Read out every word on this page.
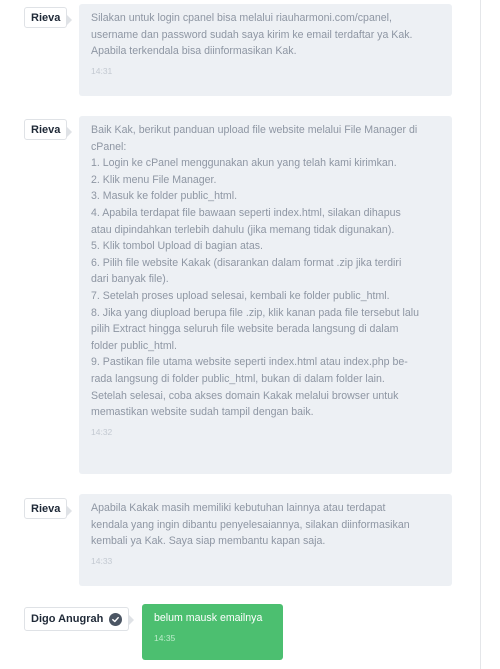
Rieva	Silakan untuk login cpanel bisa melalui riauharmoni.com/cpanel,
username dan password sudah saya kirim ke email terdaftar ya Kak.
Apabila terkendala bisa diinformasikan Kak.
14:31
Rieva	Baik Kak, berikut panduan upload file website melalui File Manager di
cPanel:
1. Login ke cPanel menggunakan akun yang telah kami kirimkan.
2. Klik menu File Manager.
3. Masuk ke folder public_html.
4. Apabila terdapat file bawaan seperti index.html, silakan dihapus
atau dipindahkan terlebih dahulu (jika memang tidak digunakan).
5. Klik tombol Upload di bagian atas.
6. Pilih file website Kakak (disarankan dalam format .zip jika terdiri
dari banyak file).
7. Setelah proses upload selesai, kembali ke folder public_html.
8. Jika yang diupload berupa file .zip, klik kanan pada file tersebut lalu
pilih Extract hingga seluruh file website berada langsung di dalam
folder public_html.
9. Pastikan file utama website seperti index.html atau index.php be-
rada langsung di folder public_html, bukan di dalam folder lain.
Setelah selesai, coba akses domain Kakak melalui browser untuk
memastikan website sudah tampil dengan baik.
14:32
Rieva	Apabila Kakak masih memiliki kebutuhan lainnya atau terdapat
kendala yang ingin dibantu penyelesaiannya, silakan diinformasikan
kembali ya Kak. Saya siap membantu kapan saja.
14:33
Digo Anugrah	belum mausk emailnya
14:35
